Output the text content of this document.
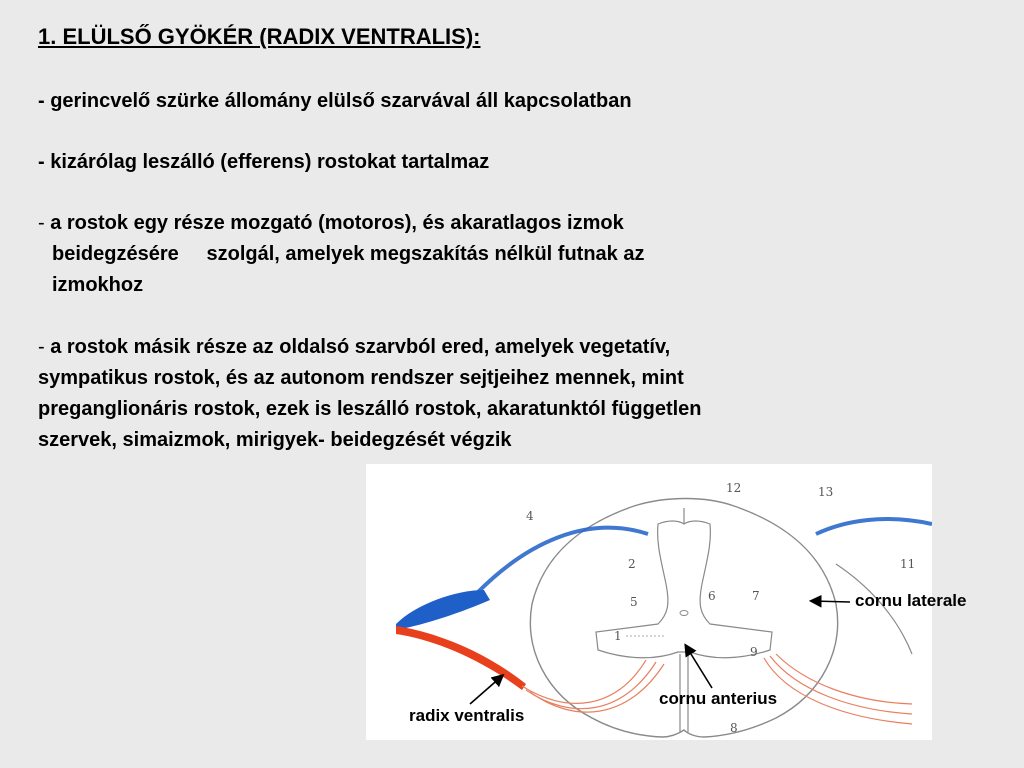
1. ELÜLSŐ GYÖKÉR (RADIX VENTRALIS):
- gerincvelő szürke állomány elülső szarvával áll kapcsolatban
- kizárólag leszálló (efferens) rostokat tartalmaz
- a rostok egy része mozgató (motoros), és akaratlagos izmok
beidegzésére     szolgál, amelyek megszakítás nélkül futnak az
izmokhoz
- a rostok másik része az oldalsó szarvból ered, amelyek vegetatív,
sympatikus rostok, és az autonom rendszer sejtjeihez mennek, mint
preganglionáris rostok, ezek is leszálló rostok, akaratunktól független
szervek, simaizmok, mirigyek- beidegzését végzik
12	13
4
2	11
5	6	7
1
9
8
cornu laterale
cornu anterius
radix ventralis
